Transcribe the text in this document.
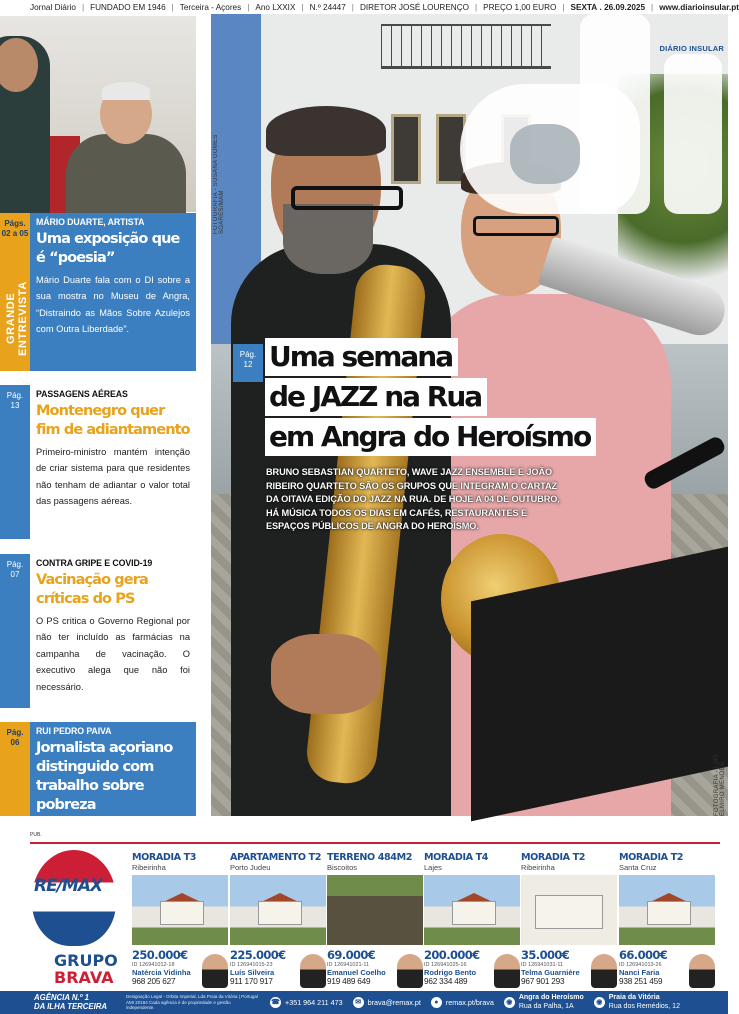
Jornal Diário | FUNDADO EM 1946 | Terceira - Açores | Ano LXXIX | N.º 24447 | DIRETOR JOSÉ LOURENÇO | PREÇO 1,00 EURO | SEXTA . 26.09.2025 | www.diarioinsular.pt
Págs.
02 a 05
GRANDE ENTREVISTA
MÁRIO DUARTE, ARTISTA
Uma exposição que é “poesia”
Mário Duarte fala com o DI sobre a sua mostra no Museu de Angra, “Distraindo as Mãos Sobre Azulejos com Outra Liberdade”.
Pág.
13
PASSAGENS AÉREAS
Montenegro quer fim de adiantamento
Primeiro-ministro mantém intenção de criar sistema para que residentes não tenham de adiantar o valor total das passagens aéreas.
Pág.
07
CONTRA GRIPE E COVID-19
Vacinação gera críticas do PS
O PS critica o Governo Regional por não ter incluído as farmácias na campanha de vacinação. O executivo alega que não foi necessário.
Pág.
06
RUI PEDRO PAIVA
Jornalista açoriano distinguido com trabalho sobre pobreza
DIÁRIO INSULAR
FOTOGRAFIA - SUSANA GOMES SOARES/MAM
FOTOGRAFIA - LUÍS ELMIRO MENDES
Pág.
12 Uma semana
de JAZZ na Rua
em Angra do Heroísmo
BRUNO SEBASTIAN QUARTETO, WAVE JAZZ ENSEMBLE E JOÃO RIBEIRO QUARTETO SÃO OS GRUPOS QUE INTEGRAM O CARTAZ DA OITAVA EDIÇÃO DO JAZZ NA RUA. DE HOJE A 04 DE OUTUBRO, HÁ MÚSICA TODOS OS DIAS EM CAFÉS, RESTAURANTES E ESPAÇOS PÚBLICOS DE ANGRA DO HEROÍSMO.
PUB.
RE/MAX
GRUPO
BRAVA
MORADIA T3
Ribeirinha
250.000€
ID 126941012-18
Natércia Vidinha
968 205 627
APARTAMENTO T2
Porto Judeu
225.000€
ID 126941015-23
Luís Silveira
911 170 917
TERRENO 484M2
Biscoitos
69.000€
ID 126941021-11
Emanuel Coelho
919 489 649
MORADIA T4
Lajes
200.000€
ID 126941025-16
Rodrigo Bento
962 334 489
MORADIA T2
Ribeirinha
35.000€
ID 126941031-11
Telma Guarnière
967 901 293
MORADIA T2
Santa Cruz
66.000€
ID 126941013-26
Nanci Faria
938 251 459
AGÊNCIA N.º 1
DA ILHA TERCEIRA
Designação Legal - Orbita Imperial, Lda Praia da Vitória | Portugal AMI 20184 Cada agência é de propriedade e gestão independente.
☎ +351 964 211 473	✉ brava@remax.pt	●	remax.pt/brava	◉
Angra do Heroísmo
Rua da Palha, 1A	◉
Praia da Vitória
Rua dos Remédios, 12
